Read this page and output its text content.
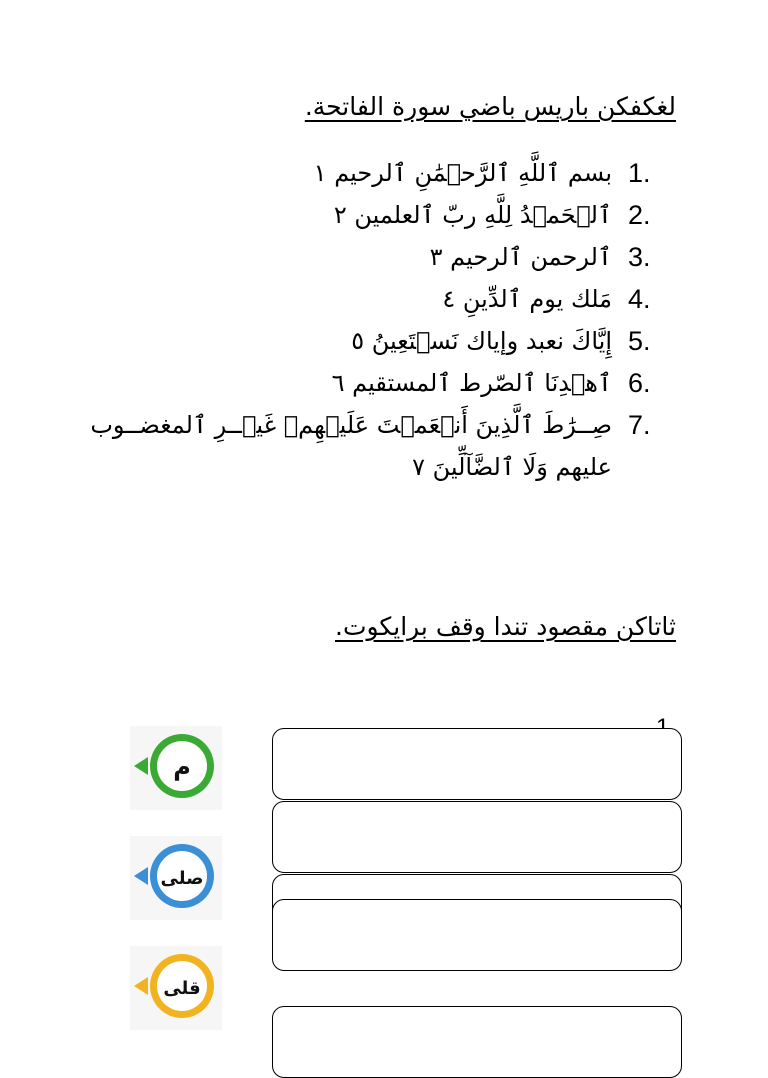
لغكفكن باريس باضي سورة الفاتحة.
1.
بسم ٱللَّهِ ٱلرَّحۡمَٰنِ ٱلرحيم ١
2.
ٱلۡحَمۡدُ لِلَّهِ ربّ ٱلعلمين ٢
3.
ٱلرحمن ٱلرحيم ٣
4.
مَلك يوم ٱلدِّينِ ٤
5.
إِيَّاكَ نعبد وإياك نَسۡتَعِينُ ٥
6.
ٱهۡدِنَا ٱلصّرط ٱلمستقيم ٦
7.
صِــرَٰطَ ٱلَّذِينَ أَنۡعَمۡتَ عَلَيۡهِمۡ غَيۡــرِ ٱلمغضــوب
عليهم وَلَا ٱلضَّآلِّينَ ٧
ثاتاكن مقصود تندا وقف برايكوت.
م
صلى
قلى
